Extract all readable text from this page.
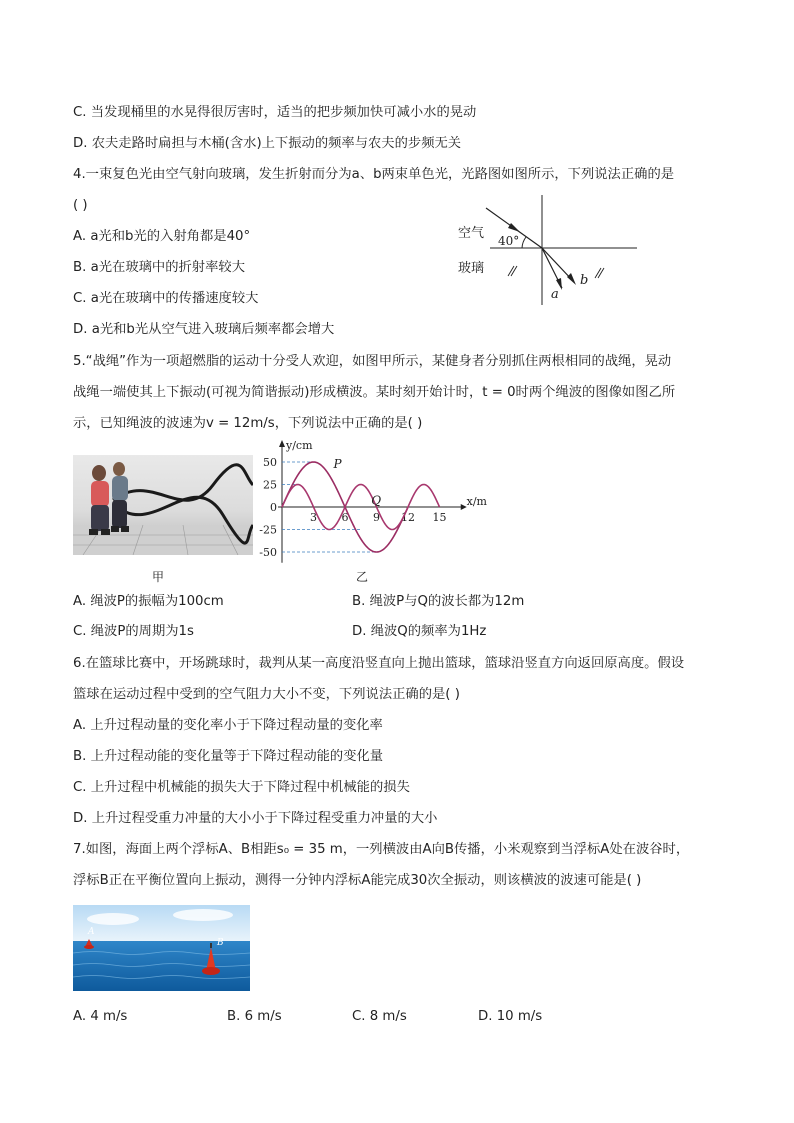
C. 当发现桶里的水晃得很厉害时，适当的把步频加快可减小水的晃动
D. 农夫走路时扁担与木桶(含水)上下振动的频率与农夫的步频无关
4.一束复色光由空气射向玻璃，发生折射而分为a、b两束单色光，光路图如图所示，下列说法正确的是
( )
A. a光和b光的入射角都是40°
B. a光在玻璃中的折射率较大
C. a光在玻璃中的传播速度较大
D. a光和b光从空气进入玻璃后频率都会增大
40°
空气
玻璃
a
b
5.“战绳”作为一项超燃脂的运动十分受人欢迎，如图甲所示，某健身者分别抓住两根相同的战绳，晃动
战绳一端使其上下振动(可视为简谐振动)形成横波。某时刻开始计时，t = 0时两个绳波的图像如图乙所
示，已知绳波的波速为v = 12m/s，下列说法中正确的是( )
甲
y/cm
x/m
50
25
0
-25
-50
3 6 9 12 15
P
Q
乙
A. 绳波P的振幅为100cm	B. 绳波P与Q的波长都为12m
C. 绳波P的周期为1s	D. 绳波Q的频率为1Hz
6.在篮球比赛中，开场跳球时，裁判从某一高度沿竖直向上抛出篮球，篮球沿竖直方向返回原高度。假设
篮球在运动过程中受到的空气阻力大小不变，下列说法正确的是( )
A. 上升过程动量的变化率小于下降过程动量的变化率
B. 上升过程动能的变化量等于下降过程动能的变化量
C. 上升过程中机械能的损失大于下降过程中机械能的损失
D. 上升过程受重力冲量的大小小于下降过程受重力冲量的大小
7.如图，海面上两个浮标A、B相距s₀ = 35 m，一列横波由A向B传播，小米观察到当浮标A处在波谷时，
浮标B正在平衡位置向上振动，测得一分钟内浮标A能完成30次全振动，则该横波的波速可能是( )
A
B
A. 4 m/s	B. 6 m/s	C. 8 m/s	D. 10 m/s
